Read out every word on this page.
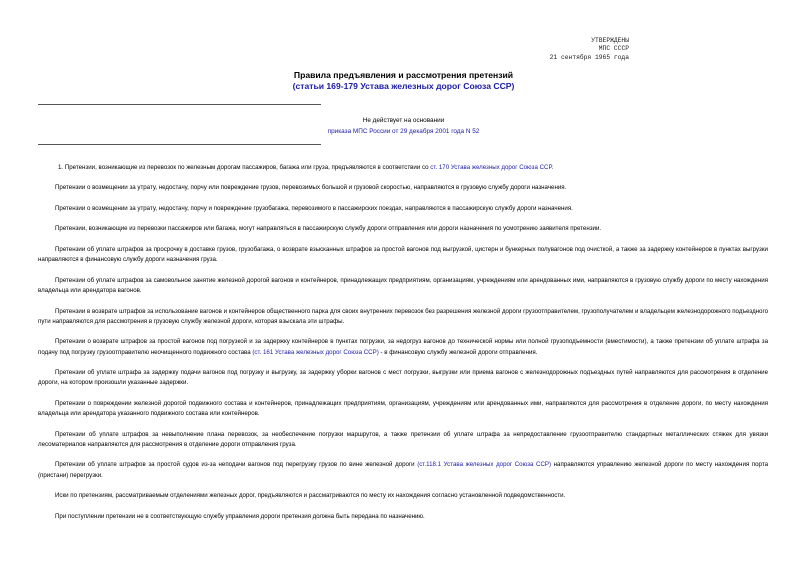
УТВЕРЖДЕНЫ
МПС СССР
21 сентября 1965 года
Правила предъявления и рассмотрения претензий
(статьи 169-179 Устава железных дорог Союза ССР)
Не действует на основании
приказа МПС России от 29 декабря 2001 года N 52

1. Претензии, возникающие из перевозок по железным дорогам пассажиров, багажа или груза, предъявляются в соответствии со ст. 170 Устава железных дорог Союза ССР.

Претензии о возмещении за утрату, недостачу, порчу или повреждение грузов, перевозимых большой и грузовой скоростью, направляются в грузовую службу дороги назначения.

Претензии о возмещении за утрату, недостачу, порчу и повреждение грузобагажа, перевозимого в пассажирских поездах, направляются в пассажирскую службу дороги назначения.

Претензии, возникающие из перевозки пассажиров или багажа, могут направляться в пассажирскую службу дороги отправления или дороги назначения по усмотрению заявителя претензии.

Претензии об уплате штрафов за просрочку в доставке грузов, грузобагажа, о возврате взысканных штрафов за простой вагонов под выгрузкой, цистерн и бункерных полувагонов под очисткой, а также за задержку контейнеров в пунктах выгрузки направляются в финансовую службу дороги назначения груза.

Претензии об уплате штрафов за самовольное занятие железной дорогой вагонов и контейнеров, принадлежащих предприятиям, организациям, учреждениям или арендованных ими, направляются в грузовую службу дороги по месту нахождения владельца или арендатора вагонов.

Претензии в возврате штрафов за использование вагонов и контейнеров общественного парка для своих внутренних перевозок без разрешения железной дороги грузоотправителем, грузополучателем и владельцем железнодорожного подъездного пути направляются для рассмотрения в грузовую службу железной дороги, которая взыскала эти штрафы.

Претензии о возврате штрафов за простой вагонов под погрузкой и за задержку контейнеров в пунктах погрузки, за недогруз вагонов до технической нормы или полной грузоподъемности (вместимости), а также претензии об уплате штрафа за подачу под погрузку грузоотправителю неочищенного подвижного состава (ст. 161 Устава железных дорог Союза ССР) - в финансовую службу железной дороги отправления.

Претензии об уплате штрафа за задержку подачи вагонов под погрузку и выгрузку, за задержку уборки вагонов с мест погрузки, выгрузки или приема вагонов с железнодорожных подъездных путей направляются для рассмотрения в отделение дороги, на котором произошли указанные задержки.

Претензии о повреждении железной дорогой подвижного состава и контейнеров, принадлежащих предприятиям, организациям, учреждениям или арендованных ими, направляются для рассмотрения в отделение дороги, по месту нахождения владельца или арендатора указанного подвижного состава или контейнеров.

Претензии об уплате штрафов за невыполнение плана перевозок, за необеспечение погрузки маршрутов, а также претензии об уплате штрафа за непредоставление грузоотправителю стандартных металлических стяжек для увязки лесоматериалов направляются для рассмотрения в отделение дороги отправления груза.

Претензии об уплате штрафов за простой судов из-за неподачи вагонов под перегрузку грузов по вине железной дороги (ст.118.1 Устава железных дорог Союза ССР) направляются управлению железной дороги по месту нахождения порта (пристани) перегрузки.

Иски по претензиям, рассматриваемым отделениями железных дорог, предъявляются и рассматриваются по месту их нахождения согласно установленной подведомственности.

При поступлении претензии не в соответствующую службу управления дороги претензия должна быть передана по назначению.
